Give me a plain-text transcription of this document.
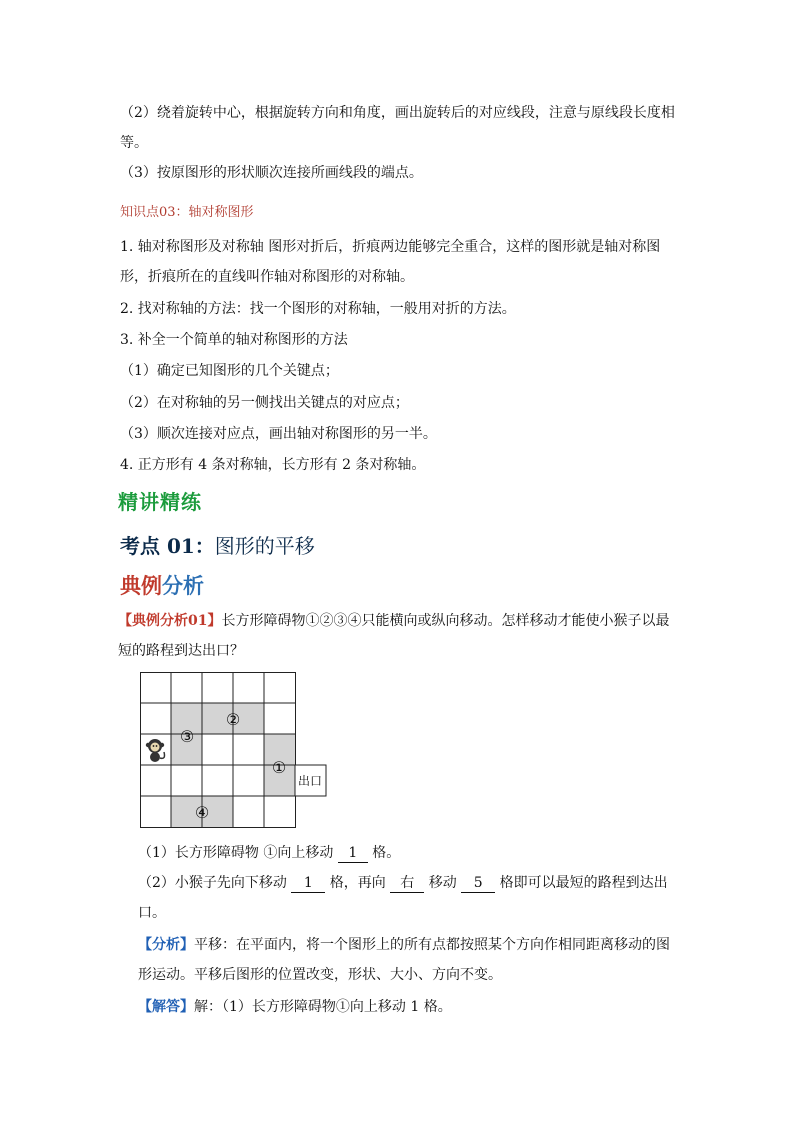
（2）绕着旋转中心，根据旋转方向和角度，画出旋转后的对应线段，注意与原线段长度相等。

（3）按原图形的形状顺次连接所画线段的端点。

知识点03：轴对称图形

1. 轴对称图形及对称轴 图形对折后，折痕两边能够完全重合，这样的图形就是轴对称图形，折痕所在的直线叫作轴对称图形的对称轴。

2. 找对称轴的方法：找一个图形的对称轴，一般用对折的方法。

3. 补全一个简单的轴对称图形的方法

（1）确定已知图形的几个关键点；

（2）在对称轴的另一侧找出关键点的对应点；

（3）顺次连接对应点，画出轴对称图形的另一半。

4. 正方形有 4 条对称轴，长方形有 2 条对称轴。

精讲精练
考点 01：图形的平移
典例分析

【典例分析01】长方形障碍物①②③④只能横向或纵向移动。怎样移动才能使小猴子以最短的路程到达出口？

出口
②
③
①
④

（1）长方形障碍物 ①向上移动 1 格。

（2）小猴子先向下移动 1 格，再向 右 移动 5 格即可以最短的路程到达出口。

【分析】平移：在平面内，将一个图形上的所有点都按照某个方向作相同距离移动的图形运动。平移后图形的位置改变，形状、大小、方向不变。

【解答】解：（1）长方形障碍物①向上移动 1 格。
